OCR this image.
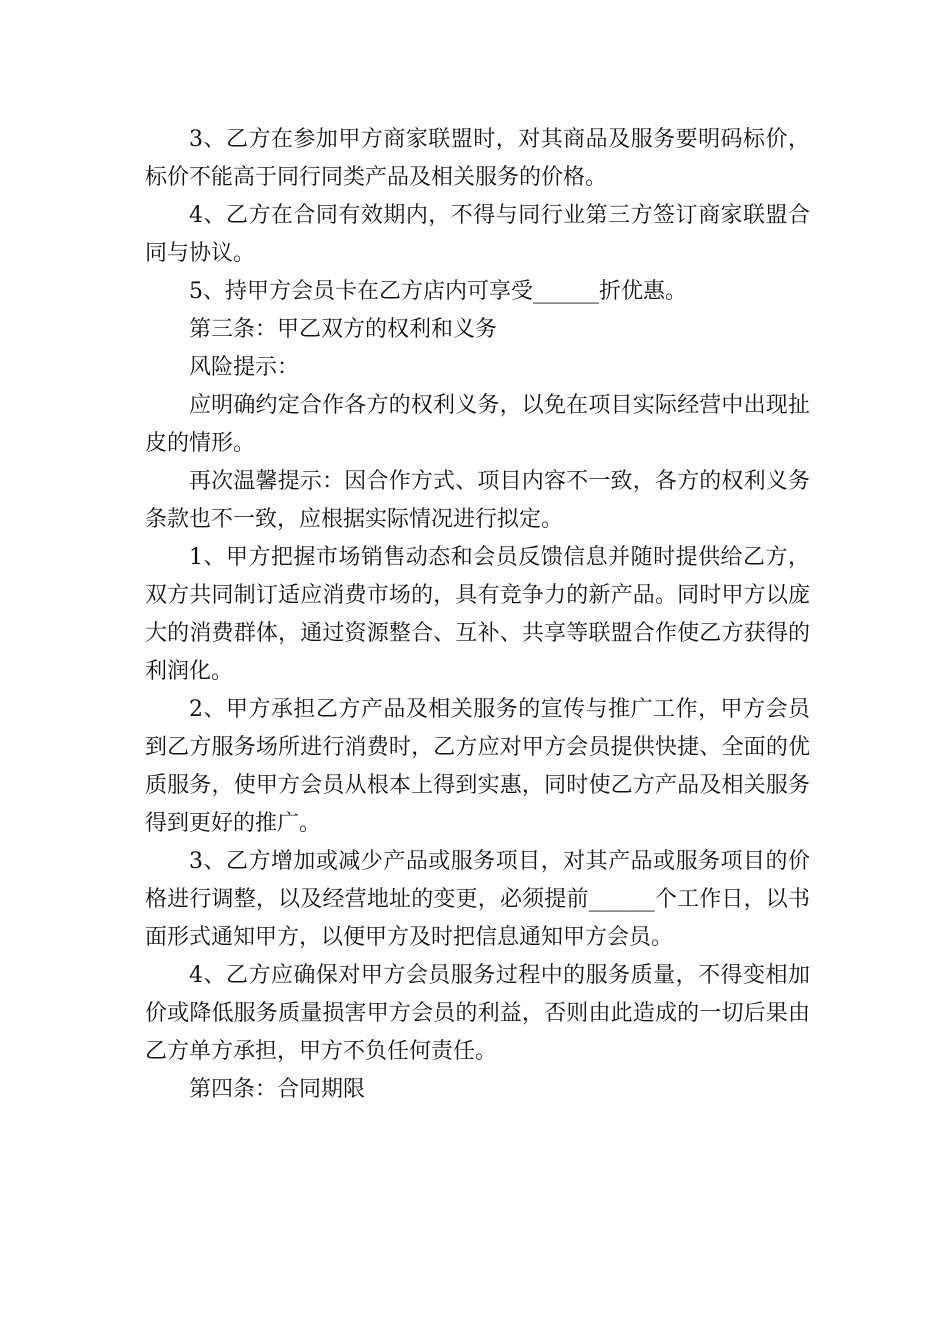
3、乙方在参加甲方商家联盟时，对其商品及服务要明码标价，标价不能高于同行同类产品及相关服务的价格。

4、乙方在合同有效期内，不得与同行业第三方签订商家联盟合同与协议。

5、持甲方会员卡在乙方店内可享受______折优惠。

第三条：甲乙双方的权利和义务

风险提示：

应明确约定合作各方的权利义务，以免在项目实际经营中出现扯皮的情形。

再次温馨提示：因合作方式、项目内容不一致，各方的权利义务条款也不一致，应根据实际情况进行拟定。

1、甲方把握市场销售动态和会员反馈信息并随时提供给乙方，双方共同制订适应消费市场的，具有竞争力的新产品。同时甲方以庞大的消费群体，通过资源整合、互补、共享等联盟合作使乙方获得的利润化。

2、甲方承担乙方产品及相关服务的宣传与推广工作，甲方会员到乙方服务场所进行消费时，乙方应对甲方会员提供快捷、全面的优质服务，使甲方会员从根本上得到实惠，同时使乙方产品及相关服务得到更好的推广。

3、乙方增加或减少产品或服务项目，对其产品或服务项目的价格进行调整，以及经营地址的变更，必须提前______个工作日，以书面形式通知甲方，以便甲方及时把信息通知甲方会员。

4、乙方应确保对甲方会员服务过程中的服务质量，不得变相加价或降低服务质量损害甲方会员的利益，否则由此造成的一切后果由乙方单方承担，甲方不负任何责任。

第四条：合同期限
